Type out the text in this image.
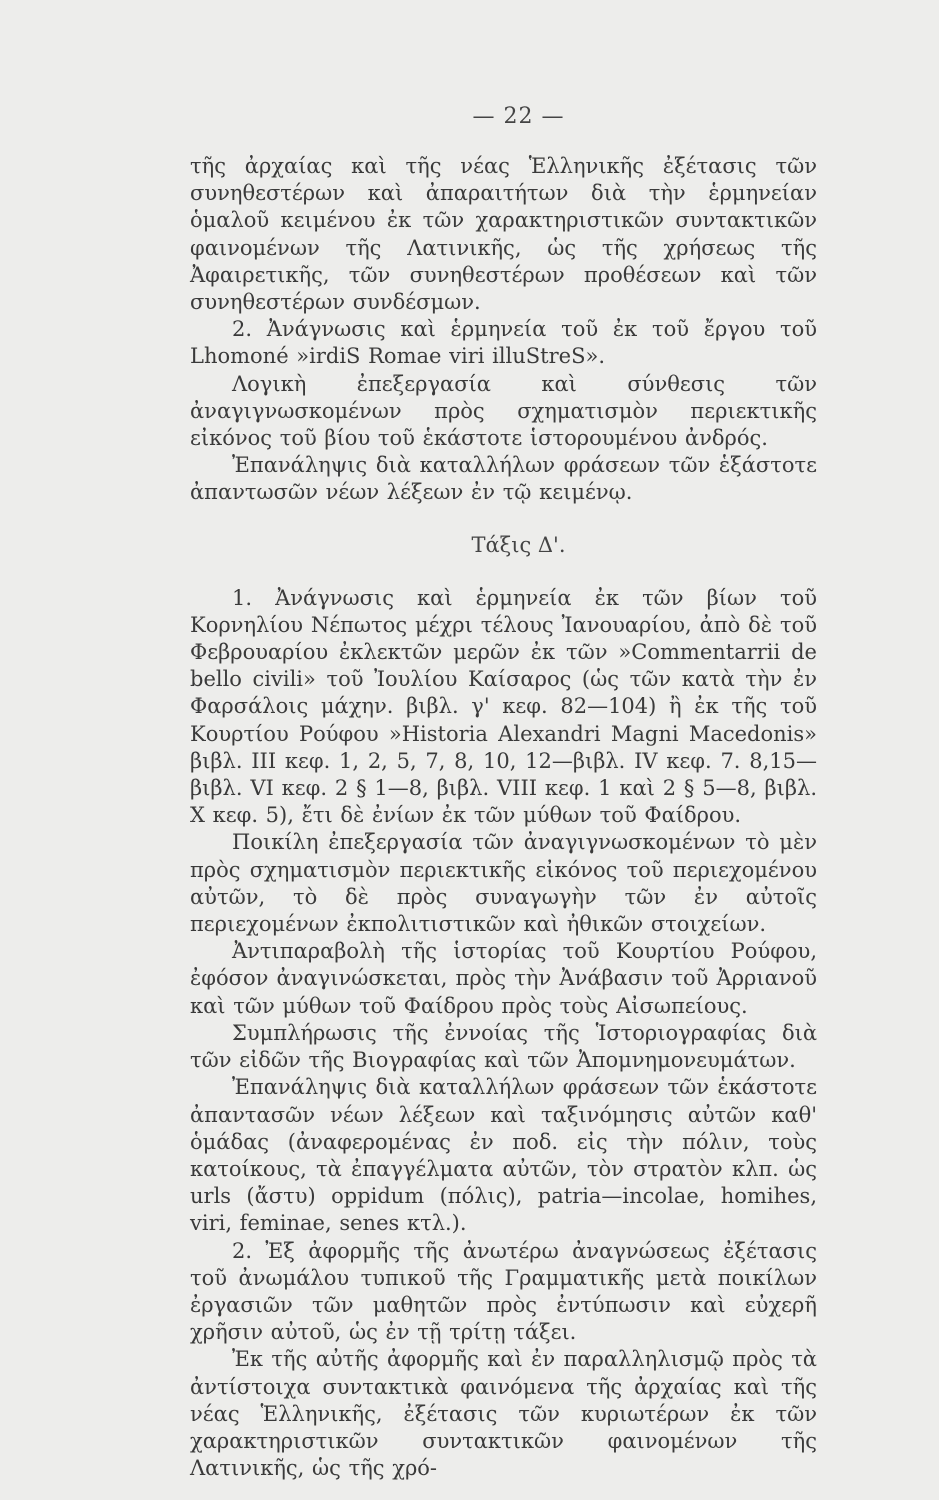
— 22 —

τῆς ἀρχαίας καὶ τῆς νέας Ἑλληνικῆς ἐξέτασις τῶν συνηθεστέρων καὶ ἀπαραιτήτων διὰ τὴν ἑρμηνείαν ὁμαλοῦ κειμένου ἐκ τῶν χαρακτηριστικῶν συντακτικῶν φαινομένων τῆς Λατινικῆς, ὡς τῆς χρήσεως τῆς Ἀφαιρετικῆς, τῶν συνηθεστέρων προθέσεων καὶ τῶν συνηθεστέρων συνδέσμων.

2. Ἀνάγνωσις καὶ ἑρμηνεία τοῦ ἐκ τοῦ ἔργου τοῦ Lhomoné »irdiS Romae viri illuStreS».

Λογικὴ ἐπεξεργασία καὶ σύνθεσις τῶν ἀναγιγνωσκομένων πρὸς σχηματισμὸν περιεκτικῆς εἰκόνος τοῦ βίου τοῦ ἑκάστοτε ἱστορουμένου ἀνδρός.

Ἐπανάληψις διὰ καταλλήλων φράσεων τῶν ἑξάστοτε ἀπαντωσῶν νέων λέξεων ἐν τῷ κειμένῳ.

Τάξις Δ'.

1. Ἀνάγνωσις καὶ ἑρμηνεία ἐκ τῶν βίων τοῦ Κορνηλίου Νέπωτος μέχρι τέλους Ἰανουαρίου, ἀπὸ δὲ τοῦ Φεβρουαρίου ἐκλεκτῶν μερῶν ἐκ τῶν »Commentarrii de bello civili» τοῦ Ἰουλίου Καίσαρος (ὡς τῶν κατὰ τὴν ἐν Φαρσάλοις μάχην. βιβλ. γ' κεφ. 82—104) ἢ ἐκ τῆς τοῦ Κουρτίου Ρούφου »Historia Alexandri Magni Macedonis» βιβλ. III κεφ. 1, 2, 5, 7, 8, 10, 12—βιβλ. IV κεφ. 7. 8,15—βιβλ. VI κεφ. 2 § 1—8, βιβλ. VIII κεφ. 1 καὶ 2 § 5—8, βιβλ. X κεφ. 5), ἔτι δὲ ἐνίων ἐκ τῶν μύθων τοῦ Φαίδρου.

Ποικίλη ἐπεξεργασία τῶν ἀναγιγνωσκομένων τὸ μὲν πρὸς σχηματισμὸν περιεκτικῆς εἰκόνος τοῦ περιεχομένου αὐτῶν, τὸ δὲ πρὸς συναγωγὴν τῶν ἐν αὐτοῖς περιεχομένων ἐκπολιτιστικῶν καὶ ἠθικῶν στοιχείων.

Ἀντιπαραβολὴ τῆς ἱστορίας τοῦ Κουρτίου Ρούφου, ἐφόσον ἀναγινώσκεται, πρὸς τὴν Ἀνάβασιν τοῦ Ἀρριανοῦ καὶ τῶν μύθων τοῦ Φαίδρου πρὸς τοὺς Αἰσωπείους.

Συμπλήρωσις τῆς ἐννοίας τῆς Ἱστοριογραφίας διὰ τῶν εἰδῶν τῆς Βιογραφίας καὶ τῶν Ἀπομνημονευμάτων.

Ἐπανάληψις διὰ καταλλήλων φράσεων τῶν ἑκάστοτε ἀπαντασῶν νέων λέξεων καὶ ταξινόμησις αὐτῶν καθ' ὁμάδας (ἀναφερομένας ἐν ποδ. εἰς τὴν πόλιν, τοὺς κατοίκους, τὰ ἐπαγγέλματα αὐτῶν, τὸν στρατὸν κλπ. ὡς urls (ἄστυ) oppidum (πόλις), patria—incolae, homihes, viri, feminae, senes κτλ.).

2. Ἐξ ἀφορμῆς τῆς ἀνωτέρω ἀναγνώσεως ἐξέτασις τοῦ ἀνωμάλου τυπικοῦ τῆς Γραμματικῆς μετὰ ποικίλων ἐργασιῶν τῶν μαθητῶν πρὸς ἐντύπωσιν καὶ εὐχερῆ χρῆσιν αὐτοῦ, ὡς ἐν τῇ τρίτῃ τάξει.

Ἐκ τῆς αὐτῆς ἀφορμῆς καὶ ἐν παραλληλισμῷ πρὸς τὰ ἀντίστοιχα συντακτικὰ φαινόμενα τῆς ἀρχαίας καὶ τῆς νέας Ἑλληνικῆς, ἐξέτασις τῶν κυριωτέρων ἐκ τῶν χαρακτηριστικῶν συντακτικῶν φαινομένων τῆς Λατινικῆς, ὡς τῆς χρό-
